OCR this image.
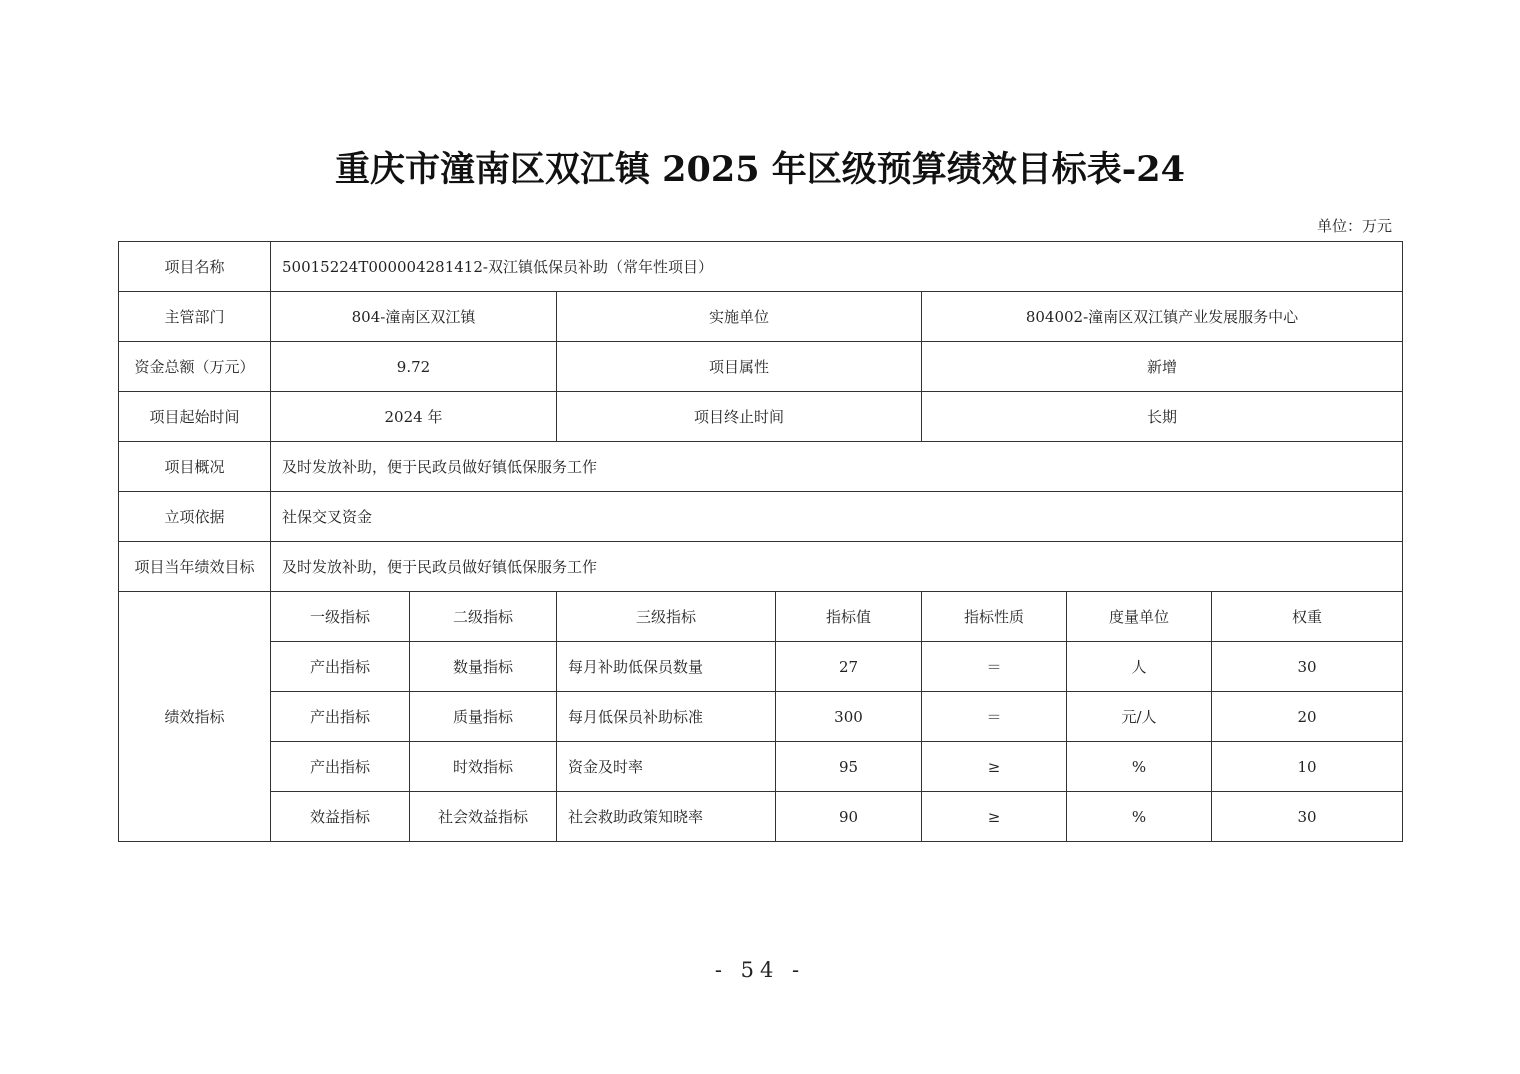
重庆市潼南区双江镇 2025 年区级预算绩效目标表-24
单位：万元
项目名称	50015224T000004281412-双江镇低保员补助（常年性项目）						
主管部门	804-潼南区双江镇		实施单位		804002-潼南区双江镇产业发展服务中心		
资金总额（万元）	9.72		项目属性		新增		
项目起始时间	2024 年		项目终止时间		长期		
项目概况	及时发放补助，便于民政员做好镇低保服务工作						
立项依据	社保交叉资金						
项目当年绩效目标	及时发放补助，便于民政员做好镇低保服务工作						
绩效指标	一级指标	二级指标	三级指标	指标值	指标性质	度量单位	权重
	产出指标	数量指标	每月补助低保员数量	27	＝	人	30
	产出指标	质量指标	每月低保员补助标准	300	＝	元/人	20
	产出指标	时效指标	资金及时率	95	≥	%	10
	效益指标	社会效益指标	社会救助政策知晓率	90	≥	%	30
- 54 -
